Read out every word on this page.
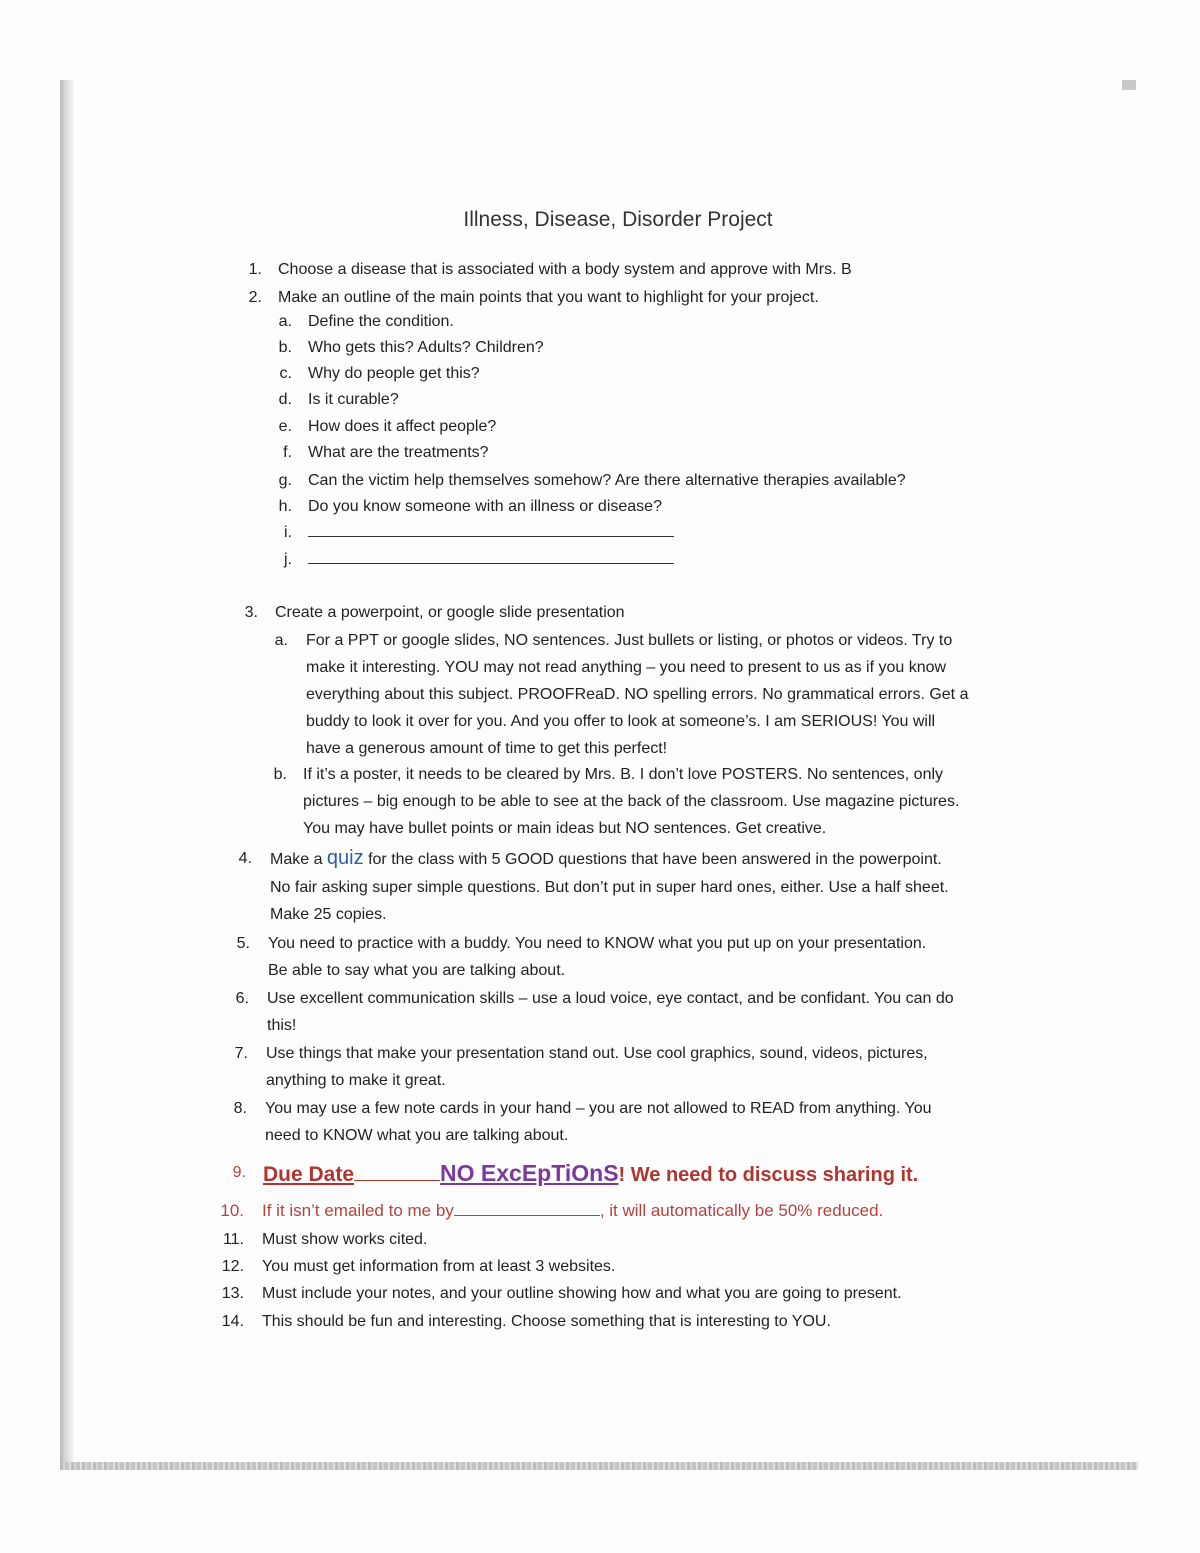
Illness, Disease, Disorder Project
1. Choose a disease that is associated with a body system and approve with Mrs. B
2. Make an outline of the main points that you want to highlight for your project.
a. Define the condition.
b. Who gets this? Adults? Children?
c. Why do people get this?
d. Is it curable?
e. How does it affect people?
f. What are the treatments?
g. Can the victim help themselves somehow? Are there alternative therapies available?
h. Do you know someone with an illness or disease?
i.
j.
3. Create a powerpoint, or google slide presentation
a. For a PPT or google slides, NO sentences. Just bullets or listing, or photos or videos. Try to
make it interesting. YOU may not read anything – you need to present to us as if you know
everything about this subject. PROOFReaD. NO spelling errors. No grammatical errors. Get a
buddy to look it over for you. And you offer to look at someone’s. I am SERIOUS! You will
have a generous amount of time to get this perfect!
b. If it’s a poster, it needs to be cleared by Mrs. B. I don’t love POSTERS. No sentences, only
pictures – big enough to be able to see at the back of the classroom. Use magazine pictures.
You may have bullet points or main ideas but NO sentences. Get creative.
4. Make a quiz for the class with 5 GOOD questions that have been answered in the powerpoint.
No fair asking super simple questions. But don’t put in super hard ones, either. Use a half sheet.
Make 25 copies.
5. You need to practice with a buddy. You need to KNOW what you put up on your presentation.
Be able to say what you are talking about.
6. Use excellent communication skills – use a loud voice, eye contact, and be confidant. You can do
this!
7. Use things that make your presentation stand out. Use cool graphics, sound, videos, pictures,
anything to make it great.
8. You may use a few note cards in your hand – you are not allowed to READ from anything. You
need to KNOW what you are talking about.
9. Due Date	NO ExcEpTiOnS! We need to discuss sharing it.
10. If it isn’t emailed to me by	, it will automatically be 50% reduced.
11. Must show works cited.
12. You must get information from at least 3 websites.
13. Must include your notes, and your outline showing how and what you are going to present.
14. This should be fun and interesting. Choose something that is interesting to YOU.
